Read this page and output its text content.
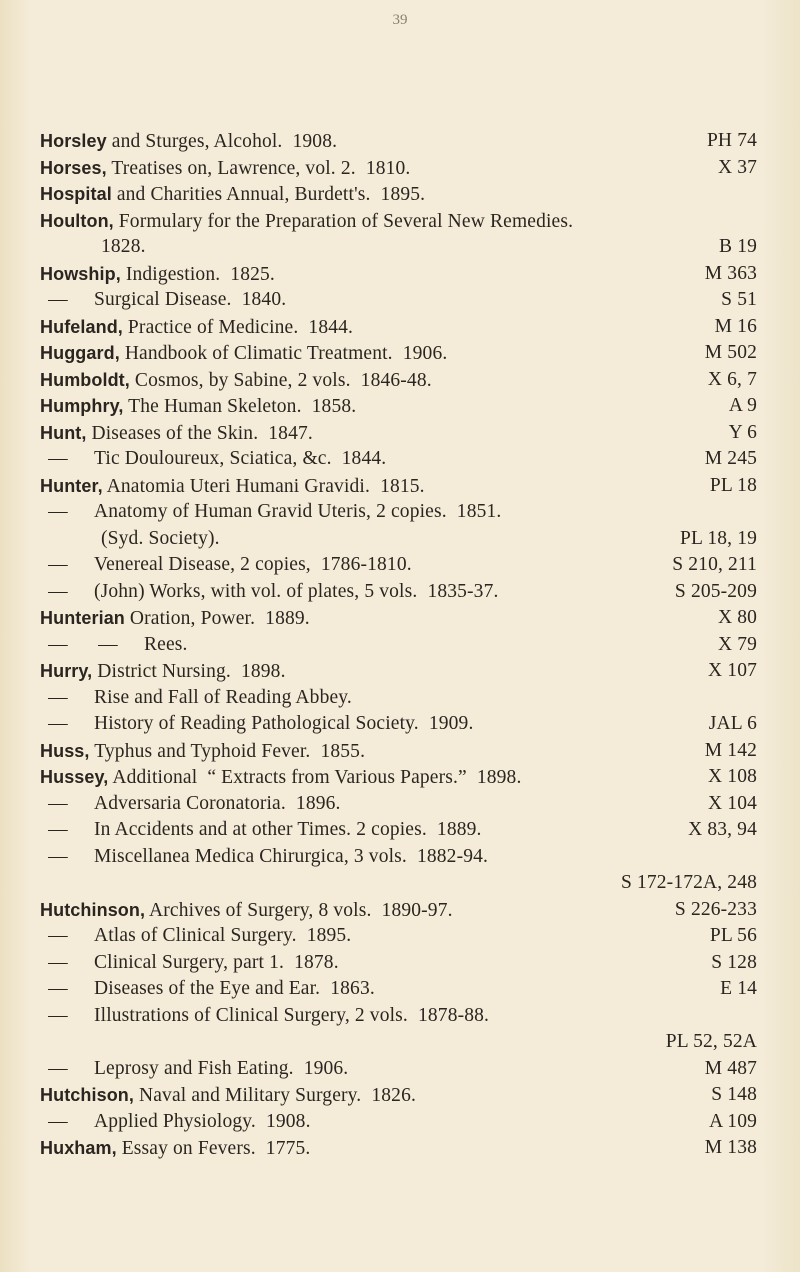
39
Horsley and Sturges, Alcohol.  1908.	PH 74
Horses, Treatises on, Lawrence, vol. 2.  1810.	X 37
Hospital and Charities Annual, Burdett's.  1895.
Houlton, Formulary for the Preparation of Several New Remedies.
1828.	B 19
Howship, Indigestion.  1825.	M 363
— Surgical Disease.  1840.	S 51
Hufeland, Practice of Medicine.  1844.	M 16
Huggard, Handbook of Climatic Treatment.  1906.	M 502
Humboldt, Cosmos, by Sabine, 2 vols.  1846-48.	X 6, 7
Humphry, The Human Skeleton.  1858.	A 9
Hunt, Diseases of the Skin.  1847.	Y 6
— Tic Douloureux, Sciatica, &c.  1844.	M 245
Hunter, Anatomia Uteri Humani Gravidi.  1815.	PL 18
— Anatomy of Human Gravid Uteris, 2 copies.  1851.
(Syd. Society).	PL 18, 19
— Venereal Disease, 2 copies,  1786-1810.	S 210, 211
— (John) Works, with vol. of plates, 5 vols.  1835-37.	S 205-209
Hunterian Oration, Power.  1889.	X 80
— — Rees.	X 79
Hurry, District Nursing.  1898.	X 107
— Rise and Fall of Reading Abbey.
— History of Reading Pathological Society.  1909.	JAL 6
Huss, Typhus and Typhoid Fever.  1855.	M 142
Hussey, Additional  “ Extracts from Various Papers.”  1898.	X 108
— Adversaria Coronatoria.  1896.	X 104
— In Accidents and at other Times. 2 copies.  1889.	X 83, 94
— Miscellanea Medica Chirurgica, 3 vols.  1882-94.
S 172-172A, 248
Hutchinson, Archives of Surgery, 8 vols.  1890-97.	S 226-233
— Atlas of Clinical Surgery.  1895.	PL 56
— Clinical Surgery, part 1.  1878.	S 128
— Diseases of the Eye and Ear.  1863.	E 14
— Illustrations of Clinical Surgery, 2 vols.  1878-88.
PL 52, 52A
— Leprosy and Fish Eating.  1906.	M 487
Hutchison, Naval and Military Surgery.  1826.	S 148
— Applied Physiology.  1908.	A 109
Huxham, Essay on Fevers.  1775.	M 138
